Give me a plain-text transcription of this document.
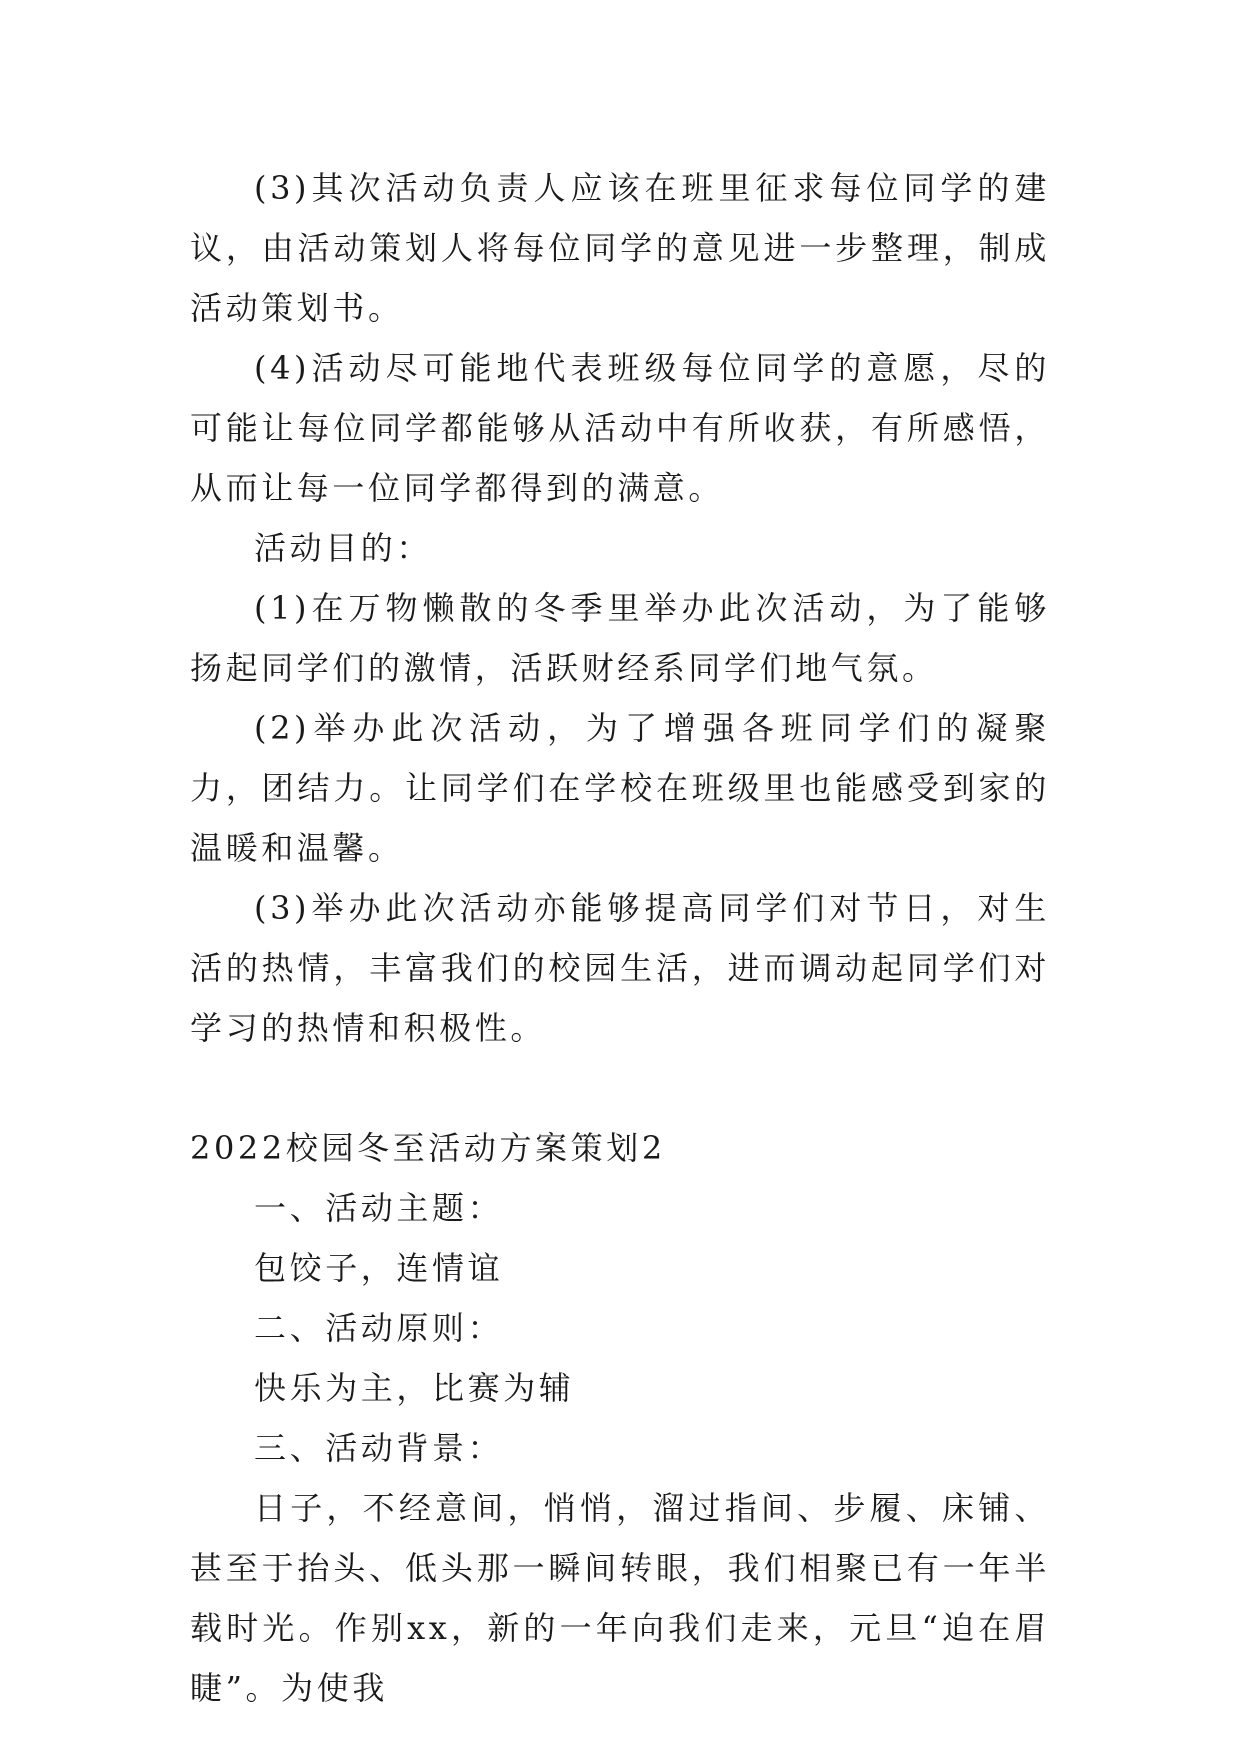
(3)其次活动负责人应该在班里征求每位同学的建议，由活动策划人将每位同学的意见进一步整理，制成活动策划书。

(4)活动尽可能地代表班级每位同学的意愿，尽的可能让每位同学都能够从活动中有所收获，有所感悟，从而让每一位同学都得到的满意。

活动目的：

(1)在万物懒散的冬季里举办此次活动，为了能够扬起同学们的激情，活跃财经系同学们地气氛。

(2)举办此次活动，为了增强各班同学们的凝聚力，团结力。让同学们在学校在班级里也能感受到家的温暖和温馨。

(3)举办此次活动亦能够提高同学们对节日，对生活的热情，丰富我们的校园生活，进而调动起同学们对学习的热情和积极性。

2022校园冬至活动方案策划2

一、活动主题：

包饺子，连情谊

二、活动原则：

快乐为主，比赛为辅

三、活动背景：

日子，不经意间，悄悄，溜过指间、步履、床铺、甚至于抬头、低头那一瞬间转眼，我们相聚已有一年半载时光。作别xx，新的一年向我们走来，元旦“迫在眉睫”。为使我
